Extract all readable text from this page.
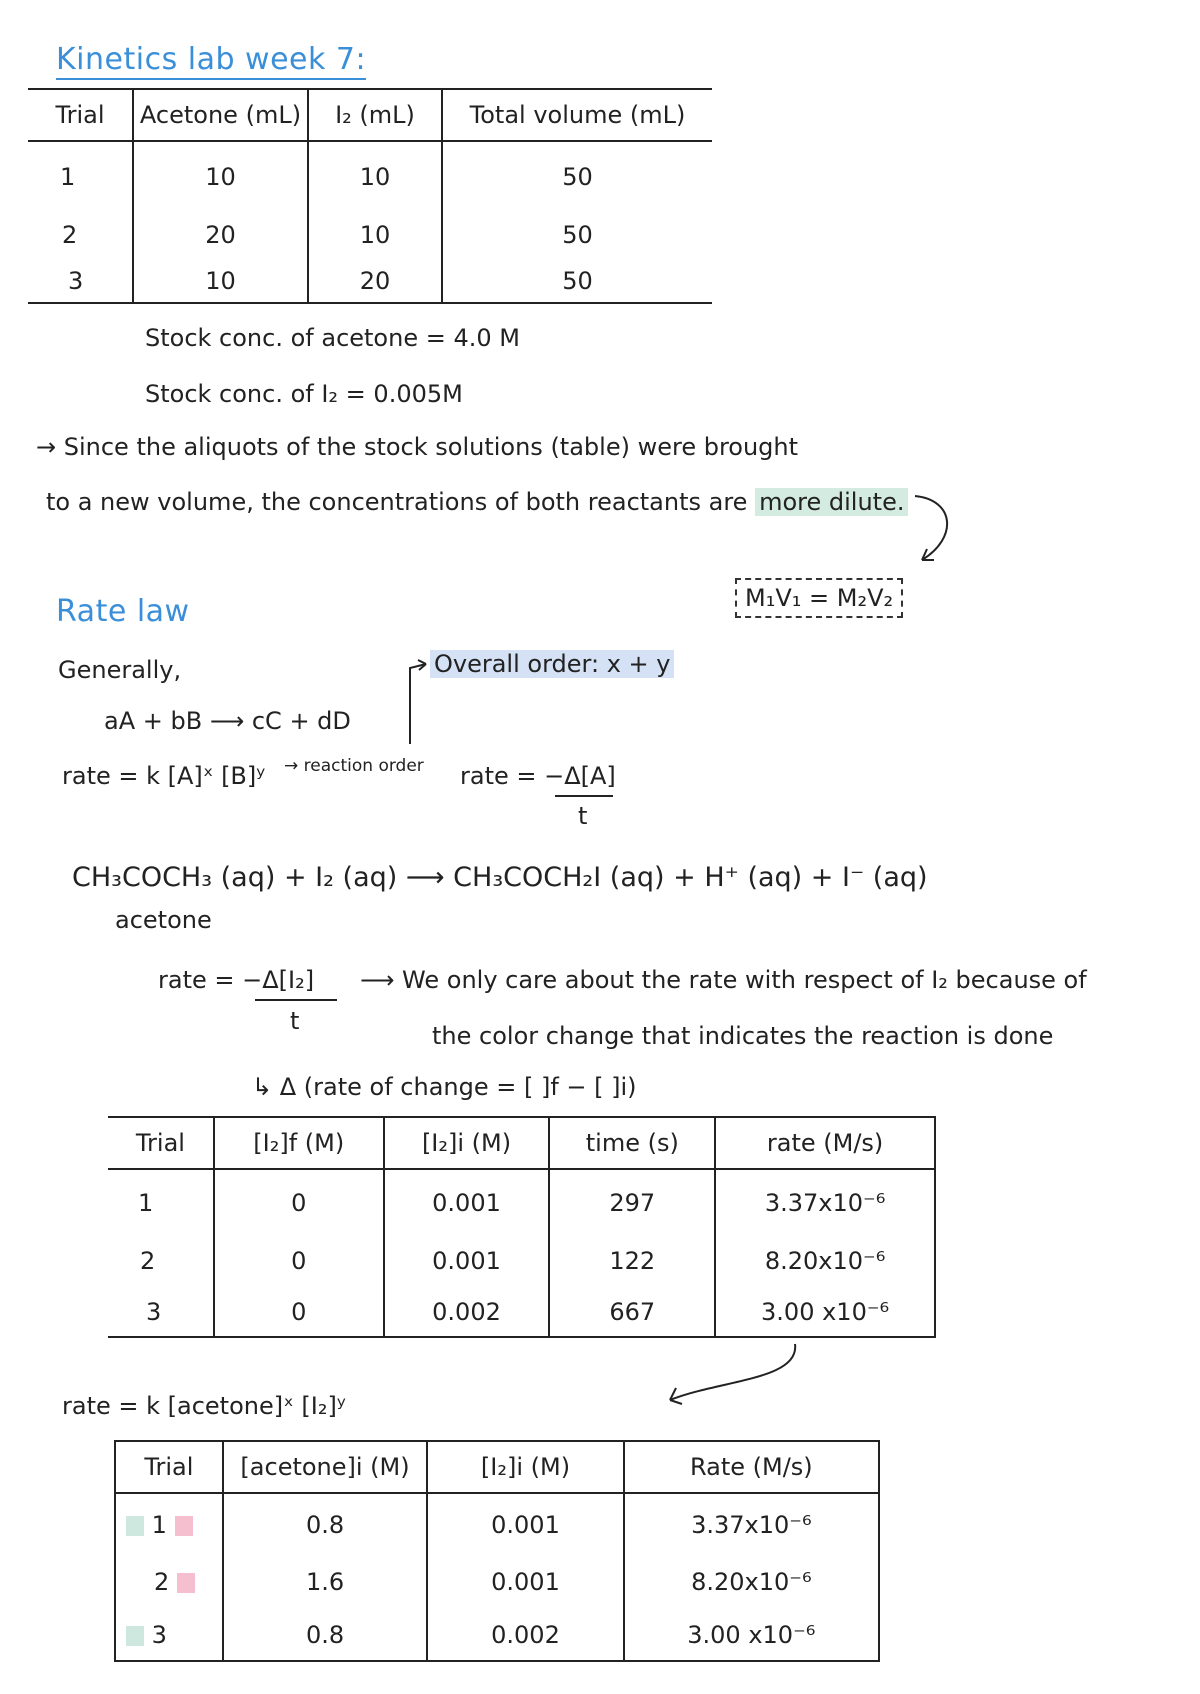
Kinetics lab week 7:
Trial	Acetone (mL)	I₂ (mL)	Total volume (mL)
1	10	10	50
2	20	10	50
3	10	20	50
Stock conc. of acetone = 4.0 M
Stock conc. of I₂ = 0.005M
→ Since the aliquots of the stock solutions (table) were brought
to a new volume, the concentrations of both reactants are more dilute.
M₁V₁ = M₂V₂
Rate law
Generally,	Overall order: x + y
aA + bB ⟶ cC + dD
rate = k [A]ˣ [B]ʸ → reaction order rate = −Δ[A]
t
CH₃COCH₃ (aq) + I₂ (aq) ⟶ CH₃COCH₂I (aq) + H⁺ (aq) + I⁻ (aq)
acetone
rate = −Δ[I₂]
t
⟶ We only care about the rate with respect of I₂ because of
the color change that indicates the reaction is done
↳ Δ (rate of change = [ ]f − [ ]i)
Trial	[I₂]f (M)	[I₂]i (M)	time (s)	rate (M/s)
1	0	0.001	297	3.37x10⁻⁶
2	0	0.001	122	8.20x10⁻⁶
3	0	0.002	667	3.00 x10⁻⁶
rate = k [acetone]ˣ [I₂]ʸ
Trial	[acetone]i (M)	[I₂]i (M)	Rate (M/s)
1	0.8	0.001	3.37x10⁻⁶
2	1.6	0.001	8.20x10⁻⁶
3	0.8	0.002	3.00 x10⁻⁶
